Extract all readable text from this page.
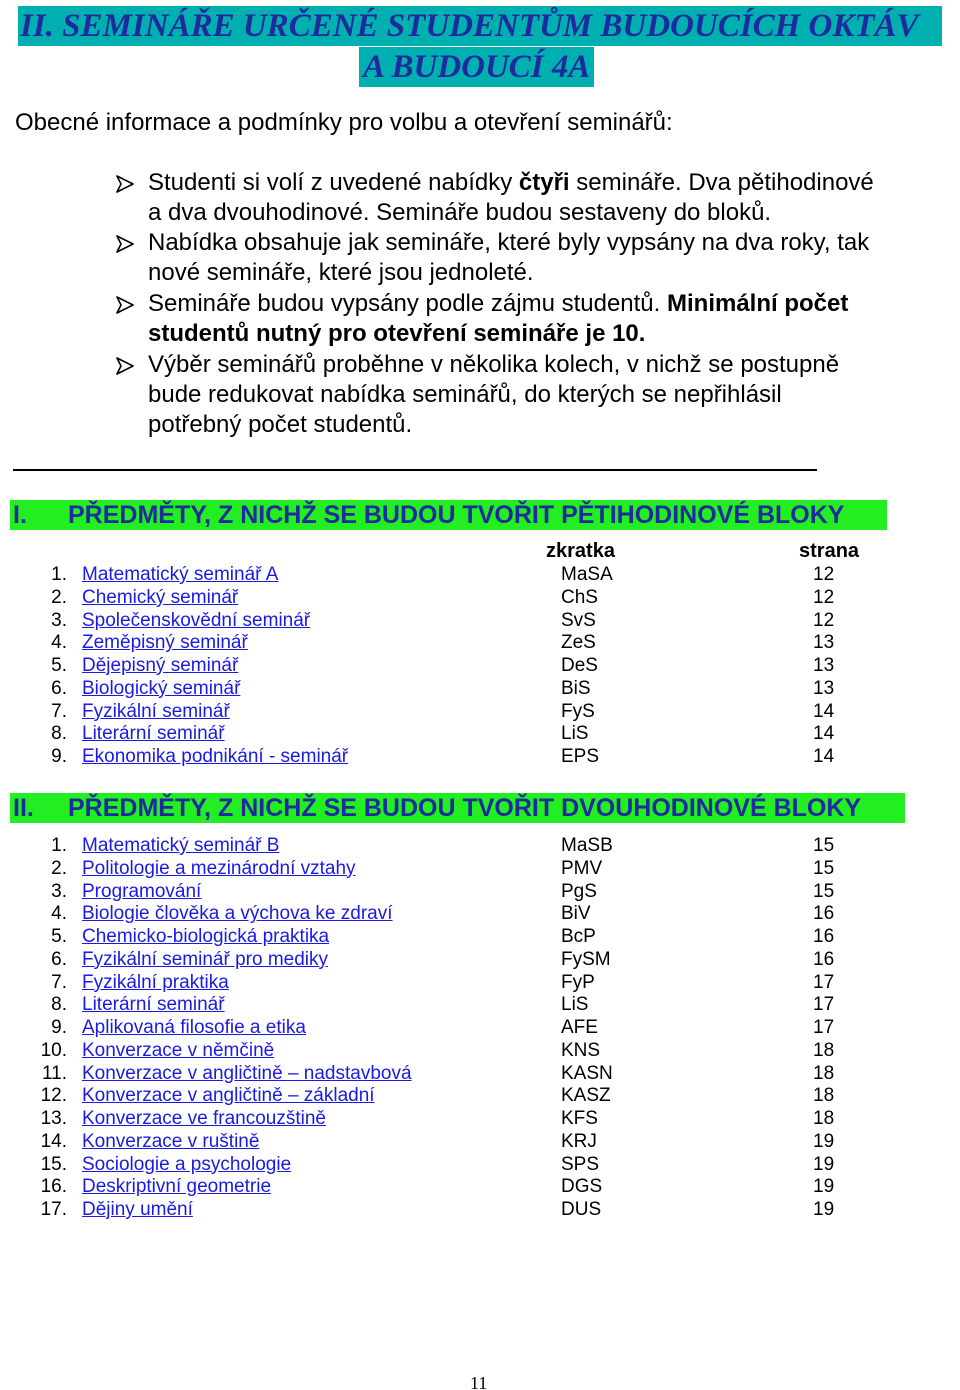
II. SEMINÁŘE URČENÉ STUDENTŮM BUDOUCÍCH OKTÁV
A BUDOUCÍ 4A
Obecné informace a podmínky pro volbu a otevření seminářů:
Studenti si volí z uvedené nabídky čtyři semináře. Dva pětihodinové
a dva dvouhodinové. Semináře budou sestaveny do bloků.
Nabídka obsahuje jak semináře, které byly vypsány na dva roky, tak
nové semináře, které jsou jednoleté.
Semináře budou vypsány podle zájmu studentů. Minimální počet
studentů nutný pro otevření semináře je 10.
Výběr seminářů proběhne v několika kolech, v nichž se postupně
bude redukovat nabídka seminářů, do kterých se nepřihlásil
potřebný počet studentů.
I. PŘEDMĚTY, Z NICHŽ SE BUDOU TVOŘIT PĚTIHODINOVÉ BLOKY
zkratka	strana
1. Matematický seminář A	MaSA	12
2. Chemický seminář	ChS	12
3. Společenskovědní seminář	SvS	12
4. Zeměpisný seminář	ZeS	13
5. Dějepisný seminář	DeS	13
6. Biologický seminář	BiS	13
7. Fyzikální seminář	FyS	14
8. Literární seminář	LiS	14
9. Ekonomika podnikání - seminář	EPS	14
II. PŘEDMĚTY, Z NICHŽ SE BUDOU TVOŘIT DVOUHODINOVÉ BLOKY
1. Matematický seminář B	MaSB	15
2. Politologie a mezinárodní vztahy	PMV	15
3. Programování	PgS	15
4. Biologie člověka a výchova ke zdraví	BiV	16
5. Chemicko-biologická praktika	BcP	16
6. Fyzikální seminář pro mediky	FySM	16
7. Fyzikální praktika	FyP	17
8. Literární seminář	LiS	17
9. Aplikovaná filosofie a etika	AFE	17
10. Konverzace v němčině	KNS	18
11. Konverzace v angličtině – nadstavbová	KASN	18
12. Konverzace v angličtině – základní	KASZ	18
13. Konverzace ve francouzštině	KFS	18
14. Konverzace v ruštině	KRJ	19
15. Sociologie a psychologie	SPS	19
16. Deskriptivní geometrie	DGS	19
17. Dějiny umění	DUS	19
11
